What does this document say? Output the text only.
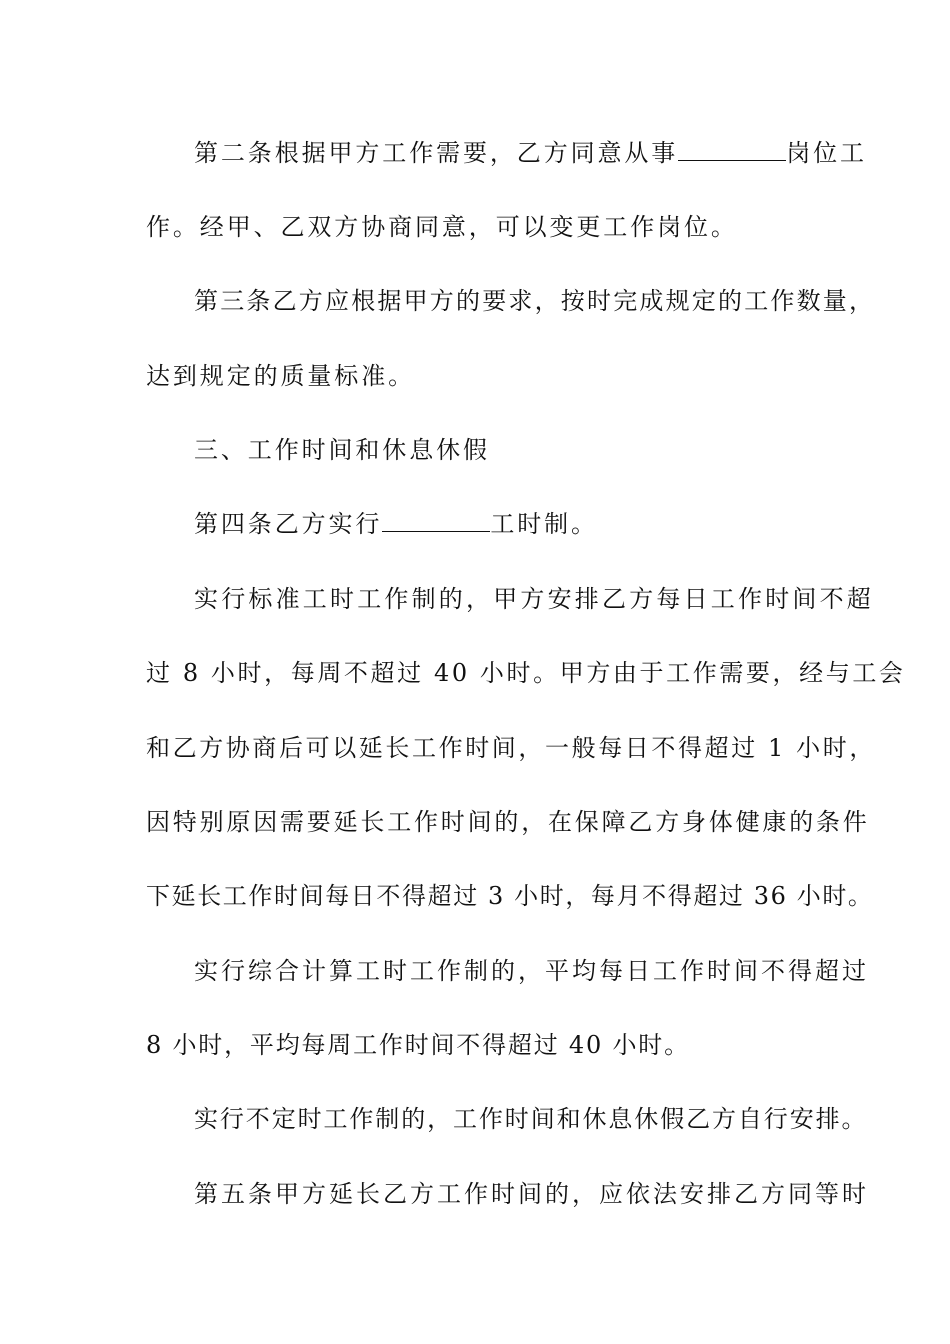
第二条根据甲方工作需要，乙方同意从事	岗位工
作。经甲、乙双方协商同意，可以变更工作岗位。
第三条乙方应根据甲方的要求，按时完成规定的工作数量，
达到规定的质量标准。
三、工作时间和休息休假
第四条乙方实行	工时制。
实行标准工时工作制的，甲方安排乙方每日工作时间不超
过 8 小时，每周不超过 40 小时。甲方由于工作需要，经与工会
和乙方协商后可以延长工作时间，一般每日不得超过 1 小时，
因特别原因需要延长工作时间的，在保障乙方身体健康的条件
下延长工作时间每日不得超过 3 小时，每月不得超过 36 小时。
实行综合计算工时工作制的，平均每日工作时间不得超过
8 小时，平均每周工作时间不得超过 40 小时。
实行不定时工作制的，工作时间和休息休假乙方自行安排。
第五条甲方延长乙方工作时间的，应依法安排乙方同等时
